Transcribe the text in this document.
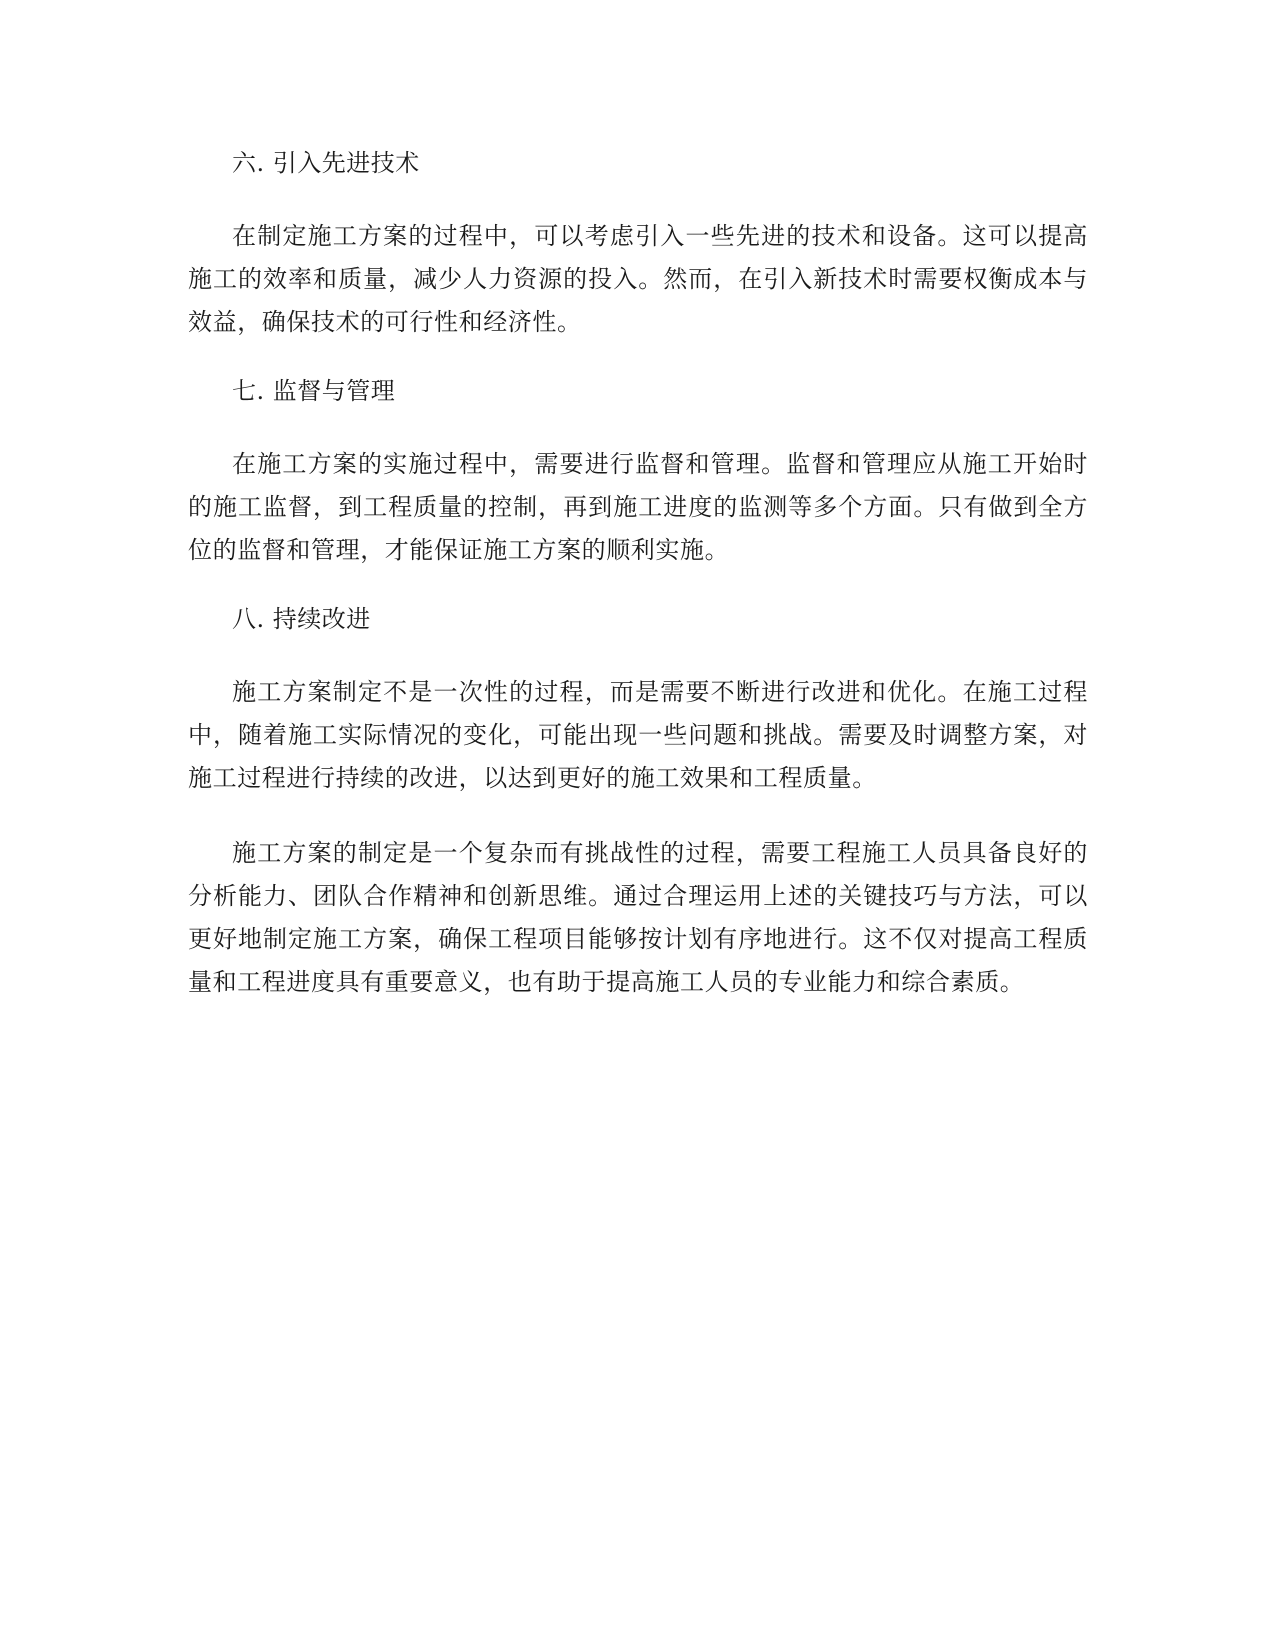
六. 引入先进技术

在制定施工方案的过程中，可以考虑引入一些先进的技术和设备。这可以提高施工的效率和质量，减少人力资源的投入。然而，在引入新技术时需要权衡成本与效益，确保技术的可行性和经济性。

七. 监督与管理

在施工方案的实施过程中，需要进行监督和管理。监督和管理应从施工开始时的施工监督，到工程质量的控制，再到施工进度的监测等多个方面。只有做到全方位的监督和管理，才能保证施工方案的顺利实施。

八. 持续改进

施工方案制定不是一次性的过程，而是需要不断进行改进和优化。在施工过程中，随着施工实际情况的变化，可能出现一些问题和挑战。需要及时调整方案，对施工过程进行持续的改进，以达到更好的施工效果和工程质量。

施工方案的制定是一个复杂而有挑战性的过程，需要工程施工人员具备良好的分析能力、团队合作精神和创新思维。通过合理运用上述的关键技巧与方法，可以更好地制定施工方案，确保工程项目能够按计划有序地进行。这不仅对提高工程质量和工程进度具有重要意义，也有助于提高施工人员的专业能力和综合素质。
